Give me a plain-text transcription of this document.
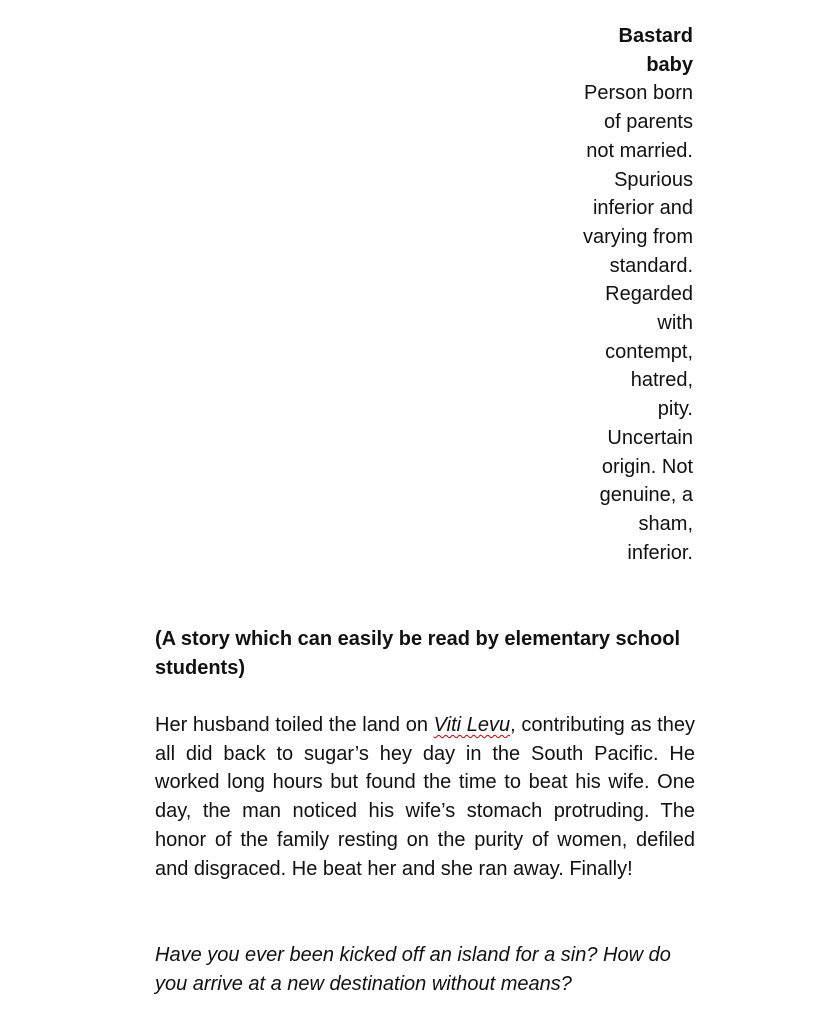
Bastard
baby
Person born
of parents
not married.
Spurious
inferior and
varying from
standard.
Regarded
with
contempt,
hatred,
pity.
Uncertain
origin. Not
genuine, a
sham,
inferior.
(A story which can easily be read by elementary school students)
Her husband toiled the land on Viti Levu, contributing as they all did back to sugar’s hey day in the South Pacific. He worked long hours but found the time to beat his wife. One day, the man noticed his wife’s stomach protruding. The honor of the family resting on the purity of women, defiled and disgraced. He beat her and she ran away. Finally!
Have you ever been kicked off an island for a sin? How do you arrive at a new destination without means?
